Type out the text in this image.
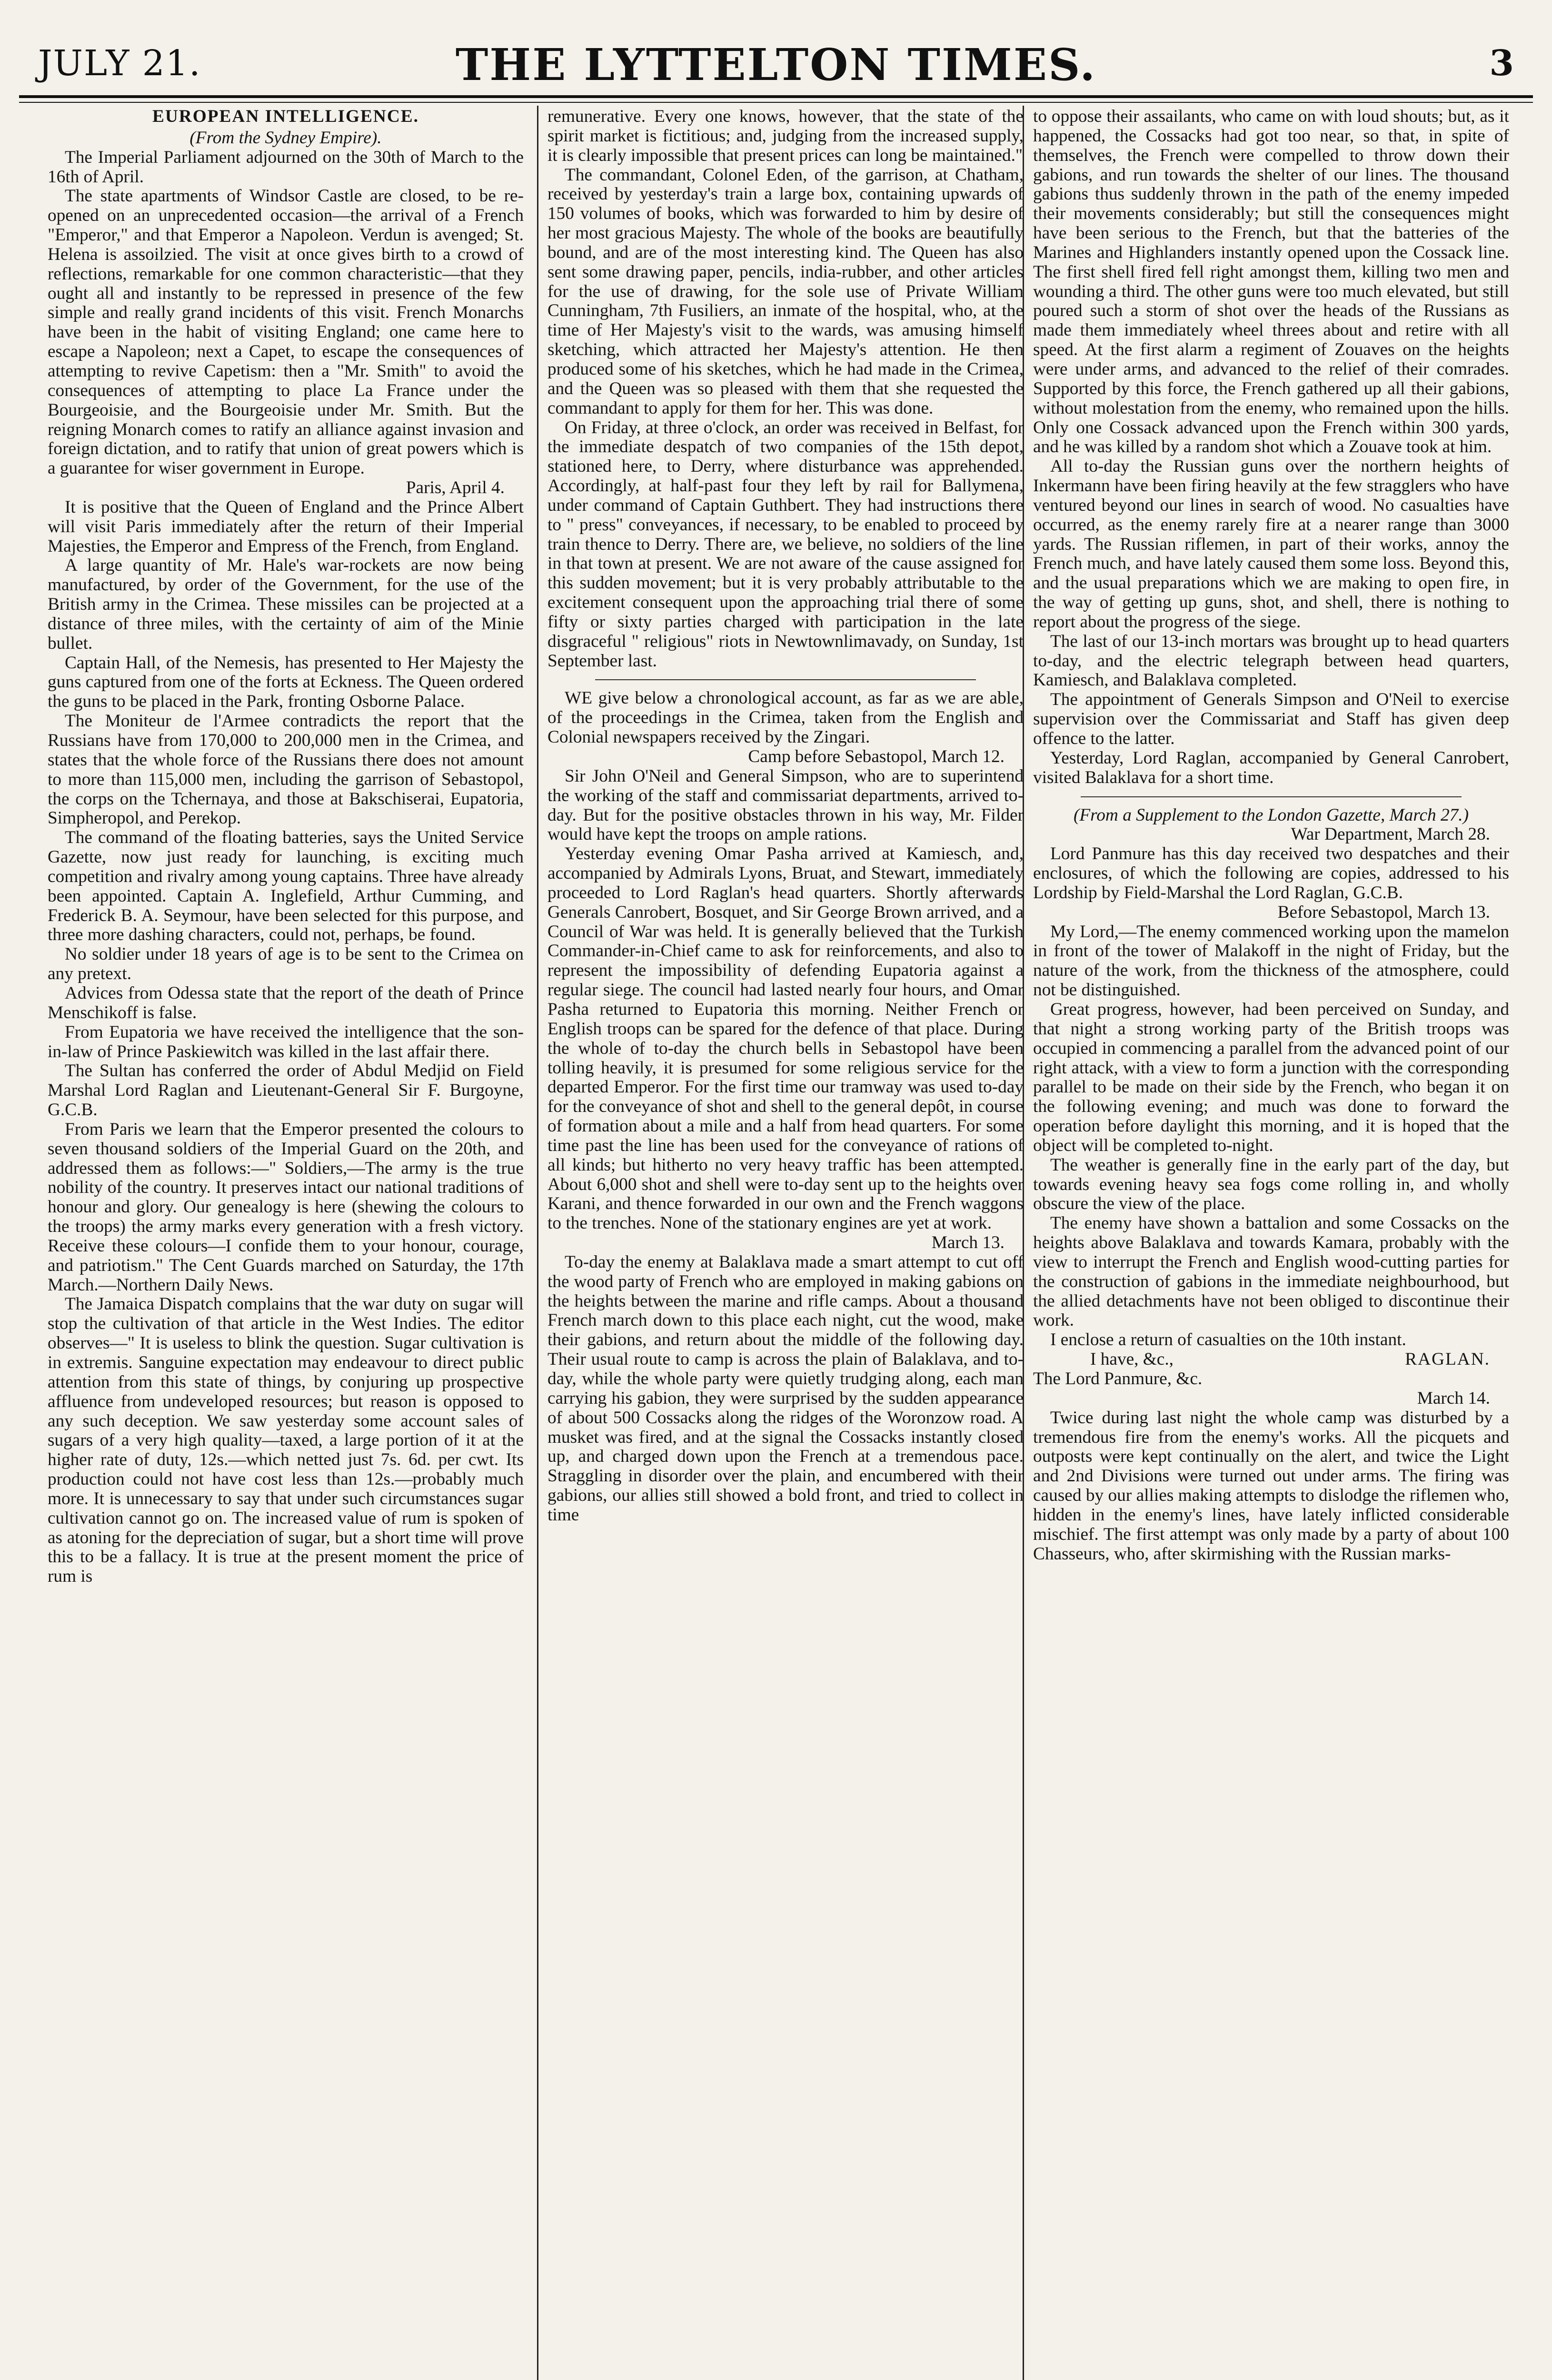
JULY 21.	THE LYTTELTON TIMES.	3

EUROPEAN INTELLIGENCE.

(From the Sydney Empire).

The Imperial Parliament adjourned on the 30th of March to the 16th of April.

The state apartments of Windsor Castle are closed, to be re-opened on an unprecedented occasion—the arrival of a French "Emperor," and that Emperor a Napoleon. Verdun is avenged; St. Helena is assoilzied. The visit at once gives birth to a crowd of reflections, remarkable for one common characteristic—that they ought all and instantly to be repressed in presence of the few simple and really grand incidents of this visit. French Monarchs have been in the habit of visiting England; one came here to escape a Napoleon; next a Capet, to escape the consequences of attempting to revive Capetism: then a "Mr. Smith" to avoid the consequences of attempting to place La France under the Bourgeoisie, and the Bourgeoisie under Mr. Smith. But the reigning Monarch comes to ratify an alliance against invasion and foreign dictation, and to ratify that union of great powers which is a guarantee for wiser government in Europe.

Paris, April 4.

It is positive that the Queen of England and the Prince Albert will visit Paris immediately after the return of their Imperial Majesties, the Emperor and Empress of the French, from England.

A large quantity of Mr. Hale's war-rockets are now being manufactured, by order of the Government, for the use of the British army in the Crimea. These missiles can be projected at a distance of three miles, with the certainty of aim of the Minie bullet.

Captain Hall, of the Nemesis, has presented to Her Majesty the guns captured from one of the forts at Eckness. The Queen ordered the guns to be placed in the Park, fronting Osborne Palace.

The Moniteur de l'Armee contradicts the report that the Russians have from 170,000 to 200,000 men in the Crimea, and states that the whole force of the Russians there does not amount to more than 115,000 men, including the garrison of Sebastopol, the corps on the Tchernaya, and those at Bakschiserai, Eupatoria, Simpheropol, and Perekop.

The command of the floating batteries, says the United Service Gazette, now just ready for launching, is exciting much competition and rivalry among young captains. Three have already been appointed. Captain A. Inglefield, Arthur Cumming, and Frederick B. A. Seymour, have been selected for this purpose, and three more dashing characters, could not, perhaps, be found.

No soldier under 18 years of age is to be sent to the Crimea on any pretext.

Advices from Odessa state that the report of the death of Prince Menschikoff is false.

From Eupatoria we have received the intelligence that the son-in-law of Prince Paskiewitch was killed in the last affair there.

The Sultan has conferred the order of Abdul Medjid on Field Marshal Lord Raglan and Lieutenant-General Sir F. Burgoyne, G.C.B.

From Paris we learn that the Emperor presented the colours to seven thousand soldiers of the Imperial Guard on the 20th, and addressed them as follows:—" Soldiers,—The army is the true nobility of the country. It preserves intact our national traditions of honour and glory. Our genealogy is here (shewing the colours to the troops) the army marks every generation with a fresh victory. Receive these colours—I confide them to your honour, courage, and patriotism." The Cent Guards marched on Saturday, the 17th March.—Northern Daily News.

The Jamaica Dispatch complains that the war duty on sugar will stop the cultivation of that article in the West Indies. The editor observes—" It is useless to blink the question. Sugar cultivation is in extremis. Sanguine expectation may endeavour to direct public attention from this state of things, by conjuring up prospective affluence from undeveloped resources; but reason is opposed to any such deception. We saw yesterday some account sales of sugars of a very high quality—taxed, a large portion of it at the higher rate of duty, 12s.—which netted just 7s. 6d. per cwt. Its production could not have cost less than 12s.—probably much more. It is unnecessary to say that under such circumstances sugar cultivation cannot go on. The increased value of rum is spoken of as atoning for the depreciation of sugar, but a short time will prove this to be a fallacy. It is true at the present moment the price of rum is

remunerative. Every one knows, however, that the state of the spirit market is fictitious; and, judging from the increased supply, it is clearly impossible that present prices can long be maintained."

The commandant, Colonel Eden, of the garrison, at Chatham, received by yesterday's train a large box, containing upwards of 150 volumes of books, which was forwarded to him by desire of her most gracious Majesty. The whole of the books are beautifully bound, and are of the most interesting kind. The Queen has also sent some drawing paper, pencils, india-rubber, and other articles for the use of drawing, for the sole use of Private William Cunningham, 7th Fusiliers, an inmate of the hospital, who, at the time of Her Majesty's visit to the wards, was amusing himself sketching, which attracted her Majesty's attention. He then produced some of his sketches, which he had made in the Crimea, and the Queen was so pleased with them that she requested the commandant to apply for them for her. This was done.

On Friday, at three o'clock, an order was received in Belfast, for the immediate despatch of two companies of the 15th depot, stationed here, to Derry, where disturbance was apprehended. Accordingly, at half-past four they left by rail for Ballymena, under command of Captain Guthbert. They had instructions there to " press" conveyances, if necessary, to be enabled to proceed by train thence to Derry. There are, we believe, no soldiers of the line in that town at present. We are not aware of the cause assigned for this sudden movement; but it is very probably attributable to the excitement consequent upon the approaching trial there of some fifty or sixty parties charged with participation in the late disgraceful " religious" riots in Newtownlimavady, on Sunday, 1st September last.

WE give below a chronological account, as far as we are able, of the proceedings in the Crimea, taken from the English and Colonial newspapers received by the Zingari.

Camp before Sebastopol, March 12.

Sir John O'Neil and General Simpson, who are to superintend the working of the staff and commissariat departments, arrived to-day. But for the positive obstacles thrown in his way, Mr. Filder would have kept the troops on ample rations.

Yesterday evening Omar Pasha arrived at Kamiesch, and, accompanied by Admirals Lyons, Bruat, and Stewart, immediately proceeded to Lord Raglan's head quarters. Shortly afterwards Generals Canrobert, Bosquet, and Sir George Brown arrived, and a Council of War was held. It is generally believed that the Turkish Commander-in-Chief came to ask for reinforcements, and also to represent the impossibility of defending Eupatoria against a regular siege. The council had lasted nearly four hours, and Omar Pasha returned to Eupatoria this morning. Neither French or English troops can be spared for the defence of that place. During the whole of to-day the church bells in Sebastopol have been tolling heavily, it is presumed for some religious service for the departed Emperor. For the first time our tramway was used to-day for the conveyance of shot and shell to the general depôt, in course of formation about a mile and a half from head quarters. For some time past the line has been used for the conveyance of rations of all kinds; but hitherto no very heavy traffic has been attempted. About 6,000 shot and shell were to-day sent up to the heights over Karani, and thence forwarded in our own and the French waggons to the trenches. None of the stationary engines are yet at work.

March 13.

To-day the enemy at Balaklava made a smart attempt to cut off the wood party of French who are employed in making gabions on the heights between the marine and rifle camps. About a thousand French march down to this place each night, cut the wood, make their gabions, and return about the middle of the following day. Their usual route to camp is across the plain of Balaklava, and to-day, while the whole party were quietly trudging along, each man carrying his gabion, they were surprised by the sudden appearance of about 500 Cossacks along the ridges of the Woronzow road. A musket was fired, and at the signal the Cossacks instantly closed up, and charged down upon the French at a tremendous pace. Straggling in disorder over the plain, and encumbered with their gabions, our allies still showed a bold front, and tried to collect in time

to oppose their assailants, who came on with loud shouts; but, as it happened, the Cossacks had got too near, so that, in spite of themselves, the French were compelled to throw down their gabions, and run towards the shelter of our lines. The thousand gabions thus suddenly thrown in the path of the enemy impeded their movements considerably; but still the consequences might have been serious to the French, but that the batteries of the Marines and Highlanders instantly opened upon the Cossack line. The first shell fired fell right amongst them, killing two men and wounding a third. The other guns were too much elevated, but still poured such a storm of shot over the heads of the Russians as made them immediately wheel threes about and retire with all speed. At the first alarm a regiment of Zouaves on the heights were under arms, and advanced to the relief of their comrades. Supported by this force, the French gathered up all their gabions, without molestation from the enemy, who remained upon the hills. Only one Cossack advanced upon the French within 300 yards, and he was killed by a random shot which a Zouave took at him.

All to-day the Russian guns over the northern heights of Inkermann have been firing heavily at the few stragglers who have ventured beyond our lines in search of wood. No casualties have occurred, as the enemy rarely fire at a nearer range than 3000 yards. The Russian riflemen, in part of their works, annoy the French much, and have lately caused them some loss. Beyond this, and the usual preparations which we are making to open fire, in the way of getting up guns, shot, and shell, there is nothing to report about the progress of the siege.

The last of our 13-inch mortars was brought up to head quarters to-day, and the electric telegraph between head quarters, Kamiesch, and Balaklava completed.

The appointment of Generals Simpson and O'Neil to exercise supervision over the Commissariat and Staff has given deep offence to the latter.

Yesterday, Lord Raglan, accompanied by General Canrobert, visited Balaklava for a short time.

(From a Supplement to the London Gazette, March 27.)

War Department, March 28.

Lord Panmure has this day received two despatches and their enclosures, of which the following are copies, addressed to his Lordship by Field-Marshal the Lord Raglan, G.C.B.

Before Sebastopol, March 13.

My Lord,—The enemy commenced working upon the mamelon in front of the tower of Malakoff in the night of Friday, but the nature of the work, from the thickness of the atmosphere, could not be distinguished.

Great progress, however, had been perceived on Sunday, and that night a strong working party of the British troops was occupied in commencing a parallel from the advanced point of our right attack, with a view to form a junction with the corresponding parallel to be made on their side by the French, who began it on the following evening; and much was done to forward the operation before daylight this morning, and it is hoped that the object will be completed to-night.

The weather is generally fine in the early part of the day, but towards evening heavy sea fogs come rolling in, and wholly obscure the view of the place.

The enemy have shown a battalion and some Cossacks on the heights above Balaklava and towards Kamara, probably with the view to interrupt the French and English wood-cutting parties for the construction of gabions in the immediate neighbourhood, but the allied detachments have not been obliged to discontinue their work.

I enclose a return of casualties on the 10th instant.

I have, &c.,	RAGLAN.

The Lord Panmure, &c.

March 14.

Twice during last night the whole camp was disturbed by a tremendous fire from the enemy's works. All the picquets and outposts were kept continually on the alert, and twice the Light and 2nd Divisions were turned out under arms. The firing was caused by our allies making attempts to dislodge the riflemen who, hidden in the enemy's lines, have lately inflicted considerable mischief. The first attempt was only made by a party of about 100 Chasseurs, who, after skirmishing with the Russian marks-
